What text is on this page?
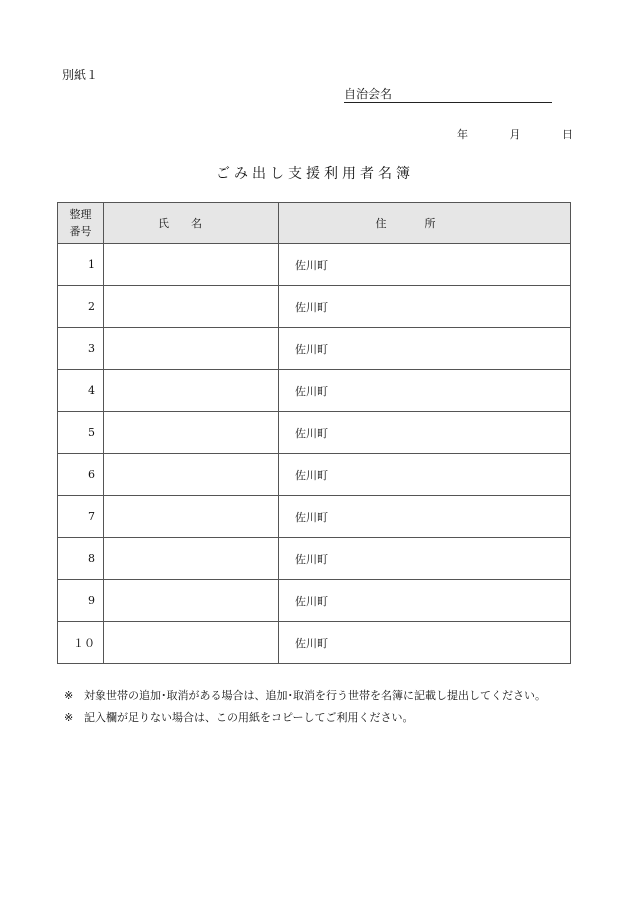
別紙１
自治会名
年	月	日
ごみ出し支援利用者名簿
整理
番号	氏名	住所
1		佐川町
2		佐川町
3		佐川町
4		佐川町
5		佐川町
6		佐川町
7		佐川町
8		佐川町
9		佐川町
１０		佐川町
※ 対象世帯の追加･取消がある場合は、追加･取消を行う世帯を名簿に記載し提出してください。
※ 記入欄が足りない場合は、この用紙をコピーしてご利用ください。
